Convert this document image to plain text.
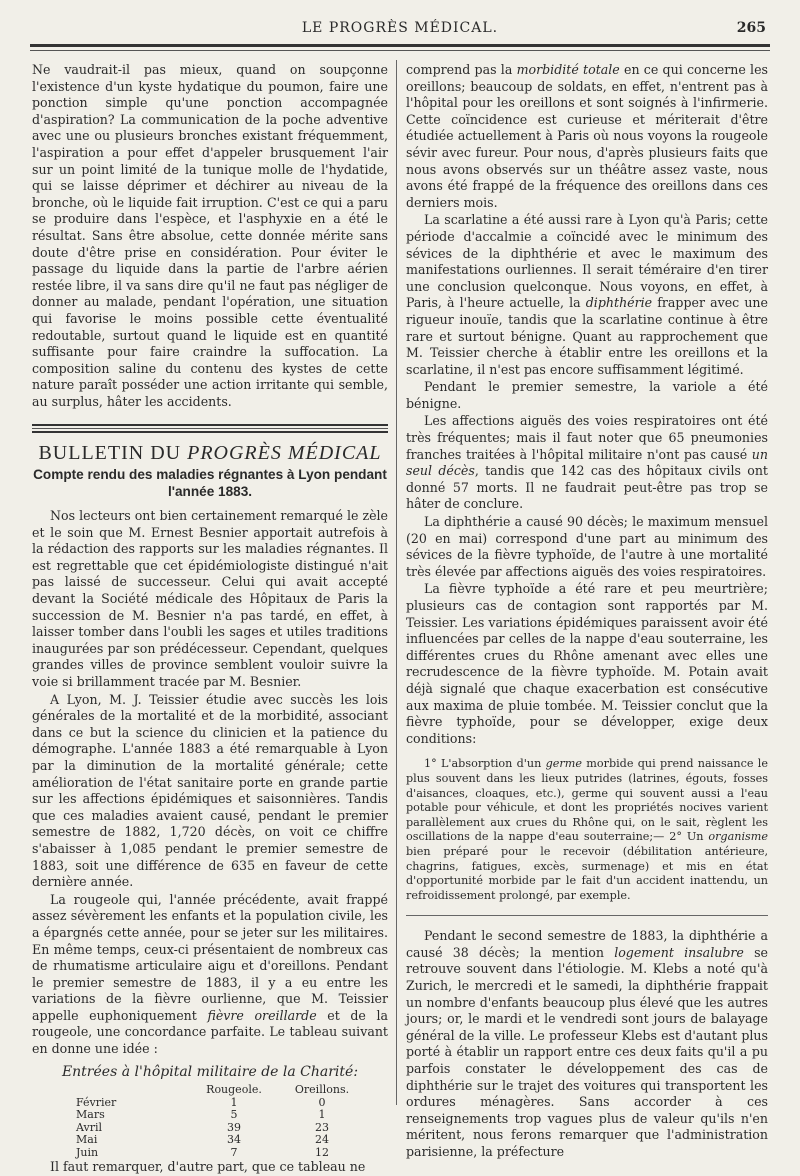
LE PROGRÈS MÉDICAL.	265

Ne vaudrait-il pas mieux, quand on soupçonne l'existence d'un kyste hydatique du poumon, faire une ponction simple qu'une ponction accompagnée d'aspiration? La communication de la poche adventive avec une ou plusieurs bronches existant fréquemment, l'aspiration a pour effet d'appeler brusquement l'air sur un point limité de la tunique molle de l'hydatide, qui se laisse déprimer et déchirer au niveau de la bronche, où le liquide fait irruption. C'est ce qui a paru se produire dans l'espèce, et l'asphyxie en a été le résultat. Sans être absolue, cette donnée mérite sans doute d'être prise en considération. Pour éviter le passage du liquide dans la partie de l'arbre aérien restée libre, il va sans dire qu'il ne faut pas négliger de donner au malade, pendant l'opération, une situation qui favorise le moins possible cette éventualité redoutable, surtout quand le liquide est en quantité suffisante pour faire craindre la suffocation. La composition saline du contenu des kystes de cette nature paraît posséder une action irritante qui semble, au surplus, hâter les accidents.

BULLETIN DU PROGRÈS MÉDICAL
Compte rendu des maladies régnantes à Lyon pendant l'année 1883.

Nos lecteurs ont bien certainement remarqué le zèle et le soin que M. Ernest Besnier apportait autrefois à la rédaction des rapports sur les maladies régnantes. Il est regrettable que cet épidémiologiste distingué n'ait pas laissé de successeur. Celui qui avait accepté devant la Société médicale des Hôpitaux de Paris la succession de M. Besnier n'a pas tardé, en effet, à laisser tomber dans l'oubli les sages et utiles traditions inaugurées par son prédécesseur. Cependant, quelques grandes villes de province semblent vouloir suivre la voie si brillamment tracée par M. Besnier.

A Lyon, M. J. Teissier étudie avec succès les lois générales de la mortalité et de la morbidité, associant dans ce but la science du clinicien et la patience du démographe. L'année 1883 a été remarquable à Lyon par la diminution de la mortalité générale; cette amélioration de l'état sanitaire porte en grande partie sur les affections épidémiques et saisonnières. Tandis que ces maladies avaient causé, pendant le premier semestre de 1882, 1,720 décès, on voit ce chiffre s'abaisser à 1,085 pendant le premier semestre de 1883, soit une différence de 635 en faveur de cette dernière année.

La rougeole qui, l'année précédente, avait frappé assez sévèrement les enfants et la population civile, les a épargnés cette année, pour se jeter sur les militaires. En même temps, ceux-ci présentaient de nombreux cas de rhumatisme articulaire aigu et d'oreillons. Pendant le premier semestre de 1883, il y a eu entre les variations de la fièvre ourlienne, que M. Teissier appelle euphoniquement fièvre oreillarde et de la rougeole, une concordance parfaite. Le tableau suivant en donne une idée :

Entrées à l'hôpital militaire de la Charité:
	Rougeole.	Oreillons.
Février	1	0
Mars	5	1
Avril	39	23
Mai	34	24
Juin	7	12

Il faut remarquer, d'autre part, que ce tableau ne

comprend pas la morbidité totale en ce qui concerne les oreillons; beaucoup de soldats, en effet, n'entrent pas à l'hôpital pour les oreillons et sont soignés à l'infirmerie. Cette coïncidence est curieuse et mériterait d'être étudiée actuellement à Paris où nous voyons la rougeole sévir avec fureur. Pour nous, d'après plusieurs faits que nous avons observés sur un théâtre assez vaste, nous avons été frappé de la fréquence des oreillons dans ces derniers mois.

La scarlatine a été aussi rare à Lyon qu'à Paris; cette période d'accalmie a coïncidé avec le minimum des sévices de la diphthérie et avec le maximum des manifestations ourliennes. Il serait téméraire d'en tirer une conclusion quelconque. Nous voyons, en effet, à Paris, à l'heure actuelle, la diphthérie frapper avec une rigueur inouïe, tandis que la scarlatine continue à être rare et surtout bénigne. Quant au rapprochement que M. Teissier cherche à établir entre les oreillons et la scarlatine, il n'est pas encore suffisamment légitimé.

Pendant le premier semestre, la variole a été bénigne.

Les affections aiguës des voies respiratoires ont été très fréquentes; mais il faut noter que 65 pneumonies franches traitées à l'hôpital militaire n'ont pas causé un seul décès, tandis que 142 cas des hôpitaux civils ont donné 57 morts. Il ne faudrait peut-être pas trop se hâter de conclure.

La diphthérie a causé 90 décès; le maximum mensuel (20 en mai) correspond d'une part au minimum des sévices de la fièvre typhoïde, de l'autre à une mortalité très élevée par affections aiguës des voies respiratoires.

La fièvre typhoïde a été rare et peu meurtrière; plusieurs cas de contagion sont rapportés par M. Teissier. Les variations épidémiques paraissent avoir été influencées par celles de la nappe d'eau souterraine, les différentes crues du Rhône amenant avec elles une recrudescence de la fièvre typhoïde. M. Potain avait déjà signalé que chaque exacerbation est consécutive aux maxima de pluie tombée. M. Teissier conclut que la fièvre typhoïde, pour se développer, exige deux conditions:

1° L'absorption d'un germe morbide qui prend naissance le plus souvent dans les lieux putrides (latrines, égouts, fosses d'aisances, cloaques, etc.), germe qui souvent aussi a l'eau potable pour véhicule, et dont les propriétés nocives varient parallèlement aux crues du Rhône qui, on le sait, règlent les oscillations de la nappe d'eau souterraine;— 2° Un organisme bien préparé pour le recevoir (débilitation antérieure, chagrins, fatigues, excès, surmenage) et mis en état d'opportunité morbide par le fait d'un accident inattendu, un refroidissement prolongé, par exemple.

Pendant le second semestre de 1883, la diphthérie a causé 38 décès; la mention logement insalubre se retrouve souvent dans l'étiologie. M. Klebs a noté qu'à Zurich, le mercredi et le samedi, la diphthérie frappait un nombre d'enfants beaucoup plus élevé que les autres jours; or, le mardi et le vendredi sont jours de balayage général de la ville. Le professeur Klebs est d'autant plus porté à établir un rapport entre ces deux faits qu'il a pu parfois constater le développement des cas de diphthérie sur le trajet des voitures qui transportent les ordures ménagères. Sans accorder à ces renseignements trop vagues plus de valeur qu'ils n'en méritent, nous ferons remarquer que l'administration parisienne, la préfecture
